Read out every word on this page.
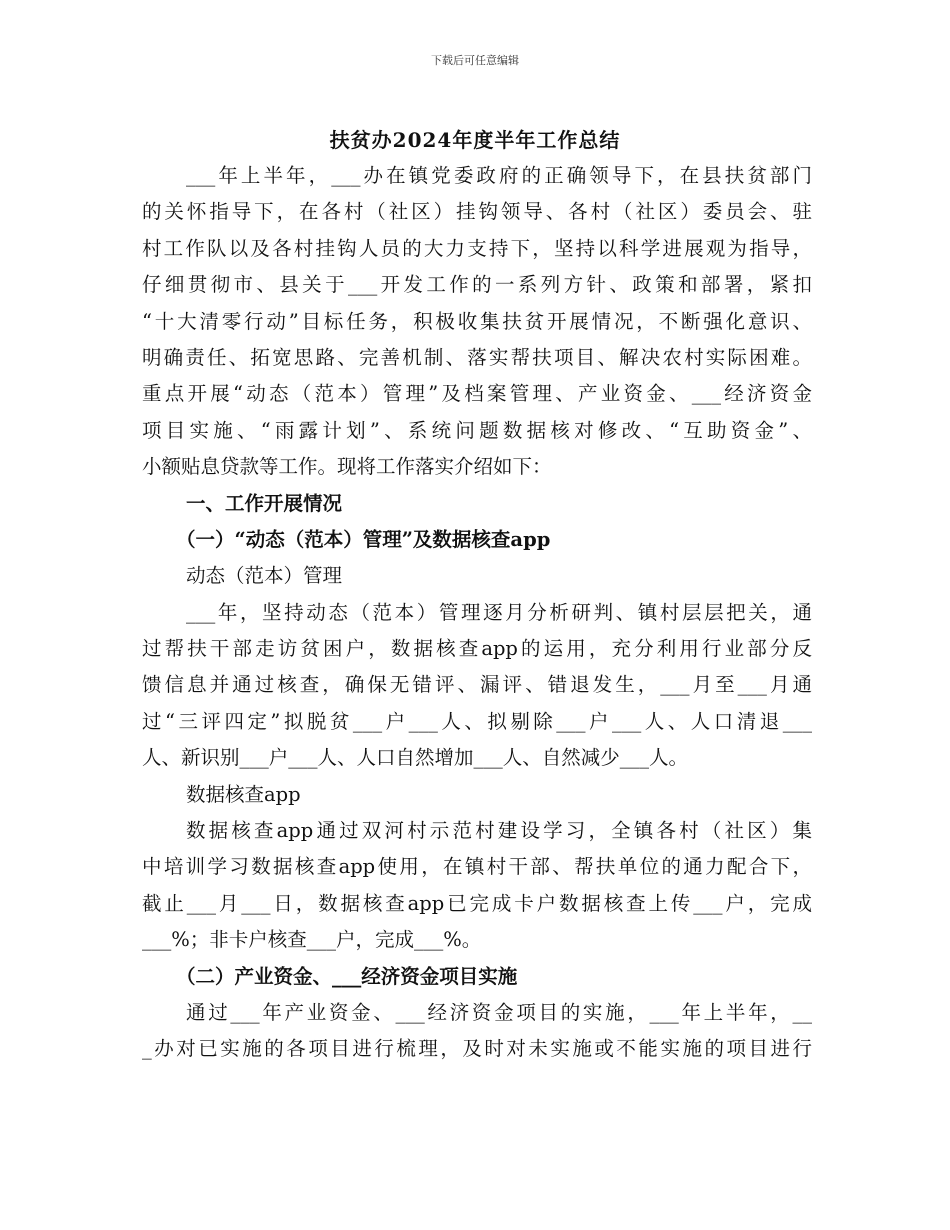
下载后可任意编辑
扶贫办2024年度半年工作总结
___年上半年，___办在镇党委政府的正确领导下，在县扶贫部门
的关怀指导下，在各村（社区）挂钩领导、各村（社区）委员会、驻
村工作队以及各村挂钩人员的大力支持下，坚持以科学进展观为指导，
仔细贯彻市、县关于___开发工作的一系列方针、政策和部署，紧扣
“十大清零行动”目标任务，积极收集扶贫开展情况，不断强化意识、
明确责任、拓宽思路、完善机制、落实帮扶项目、解决农村实际困难。
重点开展“动态（范本）管理”及档案管理、产业资金、___经济资金
项目实施、“雨露计划”、系统问题数据核对修改、“互助资金”、
小额贴息贷款等工作。现将工作落实介绍如下：
一、工作开展情况
（一）“动态（范本）管理”及数据核查app
动态（范本）管理
___年，坚持动态（范本）管理逐月分析研判、镇村层层把关，通
过帮扶干部走访贫困户，数据核查app的运用，充分利用行业部分反
馈信息并通过核查，确保无错评、漏评、错退发生，___月至___月通
过“三评四定”拟脱贫___户___人、拟剔除___户___人、人口清退___
人、新识别___户___人、人口自然增加___人、自然减少___人。
数据核查app
数据核查app通过双河村示范村建设学习，全镇各村（社区）集
中培训学习数据核查app使用，在镇村干部、帮扶单位的通力配合下，
截止___月___日，数据核查app已完成卡户数据核查上传___户，完成
___%；非卡户核查___户，完成___%。
（二）产业资金、___经济资金项目实施
通过___年产业资金、___经济资金项目的实施，___年上半年，__
_办对已实施的各项目进行梳理，及时对未实施或不能实施的项目进行
